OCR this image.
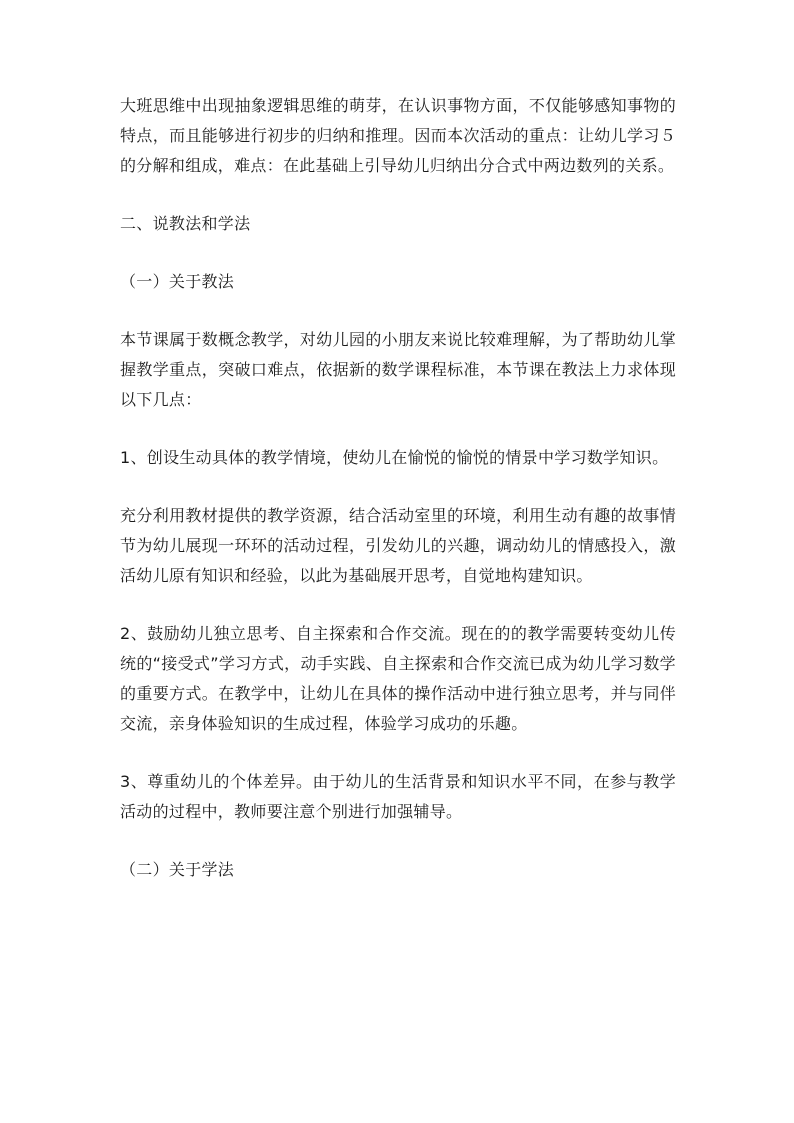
大班思维中出现抽象逻辑思维的萌芽，在认识事物方面，不仅能够感知事物的特点，而且能够进行初步的归纳和推理。因而本次活动的重点：让幼儿学习５的分解和组成，难点：在此基础上引导幼儿归纳出分合式中两边数列的关系。

二、说教法和学法

（一）关于教法

本节课属于数概念教学，对幼儿园的小朋友来说比较难理解，为了帮助幼儿掌握教学重点，突破口难点，依据新的数学课程标准，本节课在教法上力求体现以下几点：

1、创设生动具体的教学情境，使幼儿在愉悦的愉悦的情景中学习数学知识。

充分利用教材提供的教学资源，结合活动室里的环境，利用生动有趣的故事情节为幼儿展现一环环的活动过程，引发幼儿的兴趣，调动幼儿的情感投入，激活幼儿原有知识和经验，以此为基础展开思考，自觉地构建知识。

2、鼓励幼儿独立思考、自主探索和合作交流。现在的的教学需要转变幼儿传统的“接受式”学习方式，动手实践、自主探索和合作交流已成为幼儿学习数学的重要方式。在教学中，让幼儿在具体的操作活动中进行独立思考，并与同伴交流，亲身体验知识的生成过程，体验学习成功的乐趣。

3、尊重幼儿的个体差异。由于幼儿的生活背景和知识水平不同，在参与教学活动的过程中，教师要注意个别进行加强辅导。

（二）关于学法
